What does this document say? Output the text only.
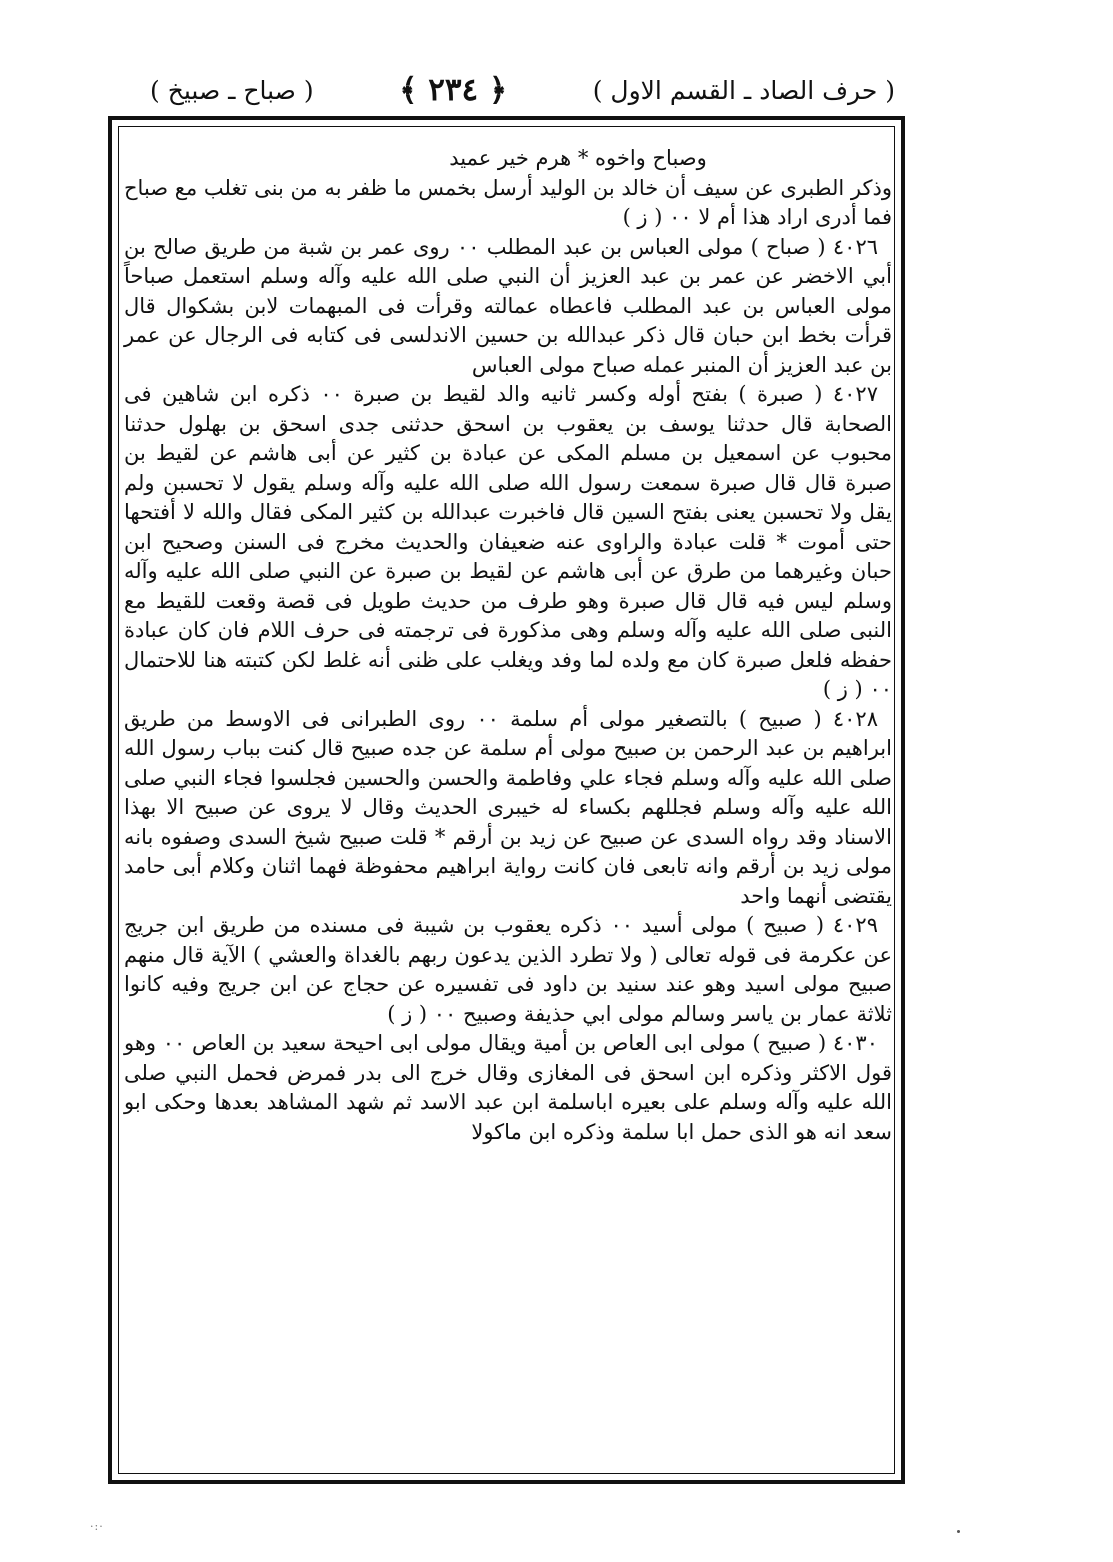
( حرف الصاد ـ القسم الاول )
﴿ ٢٣٤ ﴾
( صباح ـ صبيخ )

وصباح واخوه * هرم خير عميد

وذكر الطبرى عن سيف أن خالد بن الوليد أرسل بخمس ما ظفر به من بنى تغلب مع صباح فما أدرى اراد هذا أم لا ٠٠ ( ز )

٤٠٢٦ ( صباح ) مولى العباس بن عبد المطلب ٠٠ روى عمر بن شبة من طريق صالح بن أبي الاخضر عن عمر بن عبد العزيز أن النبي صلى الله عليه وآله وسلم استعمل صباحاً مولى العباس بن عبد المطلب فاعطاه عمالته وقرأت فى المبهمات لابن بشكوال قال قرأت بخط ابن حبان قال ذكر عبدالله بن حسين الاندلسى فى كتابه فى الرجال عن عمر بن عبد العزيز أن المنبر عمله صباح مولى العباس

٤٠٢٧ ( صبرة ) بفتح أوله وكسر ثانيه والد لقيط بن صبرة ٠٠ ذكره ابن شاهين فى الصحابة قال حدثنا يوسف بن يعقوب بن اسحق حدثنى جدى اسحق بن بهلول حدثنا محبوب عن اسمعيل بن مسلم المكى عن عبادة بن كثير عن أبى هاشم عن لقيط بن صبرة قال قال صبرة سمعت رسول الله صلى الله عليه وآله وسلم يقول لا تحسبن ولم يقل ولا تحسبن يعنى بفتح السين قال فاخبرت عبدالله بن كثير المكى فقال والله لا أفتحها حتى أموت * قلت عبادة والراوى عنه ضعيفان والحديث مخرج فى السنن وصحيح ابن حبان وغيرهما من طرق عن أبى هاشم عن لقيط بن صبرة عن النبي صلى الله عليه وآله وسلم ليس فيه قال قال صبرة وهو طرف من حديث طويل فى قصة وقعت للقيط مع النبى صلى الله عليه وآله وسلم وهى مذكورة فى ترجمته فى حرف اللام فان كان عبادة حفظه فلعل صبرة كان مع ولده لما وفد ويغلب على ظنى أنه غلط لكن كتبته هنا للاحتمال ٠٠ ( ز )

٤٠٢٨ ( صبيح ) بالتصغير مولى أم سلمة ٠٠ روى الطبرانى فى الاوسط من طريق ابراهيم بن عبد الرحمن بن صبيح مولى أم سلمة عن جده صبيح قال كنت بباب رسول الله صلى الله عليه وآله وسلم فجاء علي وفاطمة والحسن والحسين فجلسوا فجاء النبي صلى الله عليه وآله وسلم فجللهم بكساء له خيبرى الحديث وقال لا يروى عن صبيح الا بهذا الاسناد وقد رواه السدى عن صبيح عن زيد بن أرقم * قلت صبيح شيخ السدى وصفوه بانه مولى زيد بن أرقم وانه تابعى فان كانت رواية ابراهيم محفوظة فهما اثنان وكلام أبى حامد يقتضى أنهما واحد

٤٠٢٩ ( صبيح ) مولى أسيد ٠٠ ذكره يعقوب بن شيبة فى مسنده من طريق ابن جريج عن عكرمة فى قوله تعالى ( ولا تطرد الذين يدعون ربهم بالغداة والعشي ) الآية قال منهم صبيح مولى اسيد وهو عند سنيد بن داود فى تفسيره عن حجاج عن ابن جريج وفيه كانوا ثلاثة عمار بن ياسر وسالم مولى ابي حذيفة وصبيح ٠٠ ( ز )

٤٠٣٠ ( صبيح ) مولى ابى العاص بن أمية ويقال مولى ابى احيحة سعيد بن العاص ٠٠ وهو قول الاكثر وذكره ابن اسحق فى المغازى وقال خرج الى بدر فمرض فحمل النبي صلى الله عليه وآله وسلم على بعيره اباسلمة ابن عبد الاسد ثم شهد المشاهد بعدها وحكى ابو سعد انه هو الذى حمل ابا سلمة وذكره ابن ماكولا

·:·
